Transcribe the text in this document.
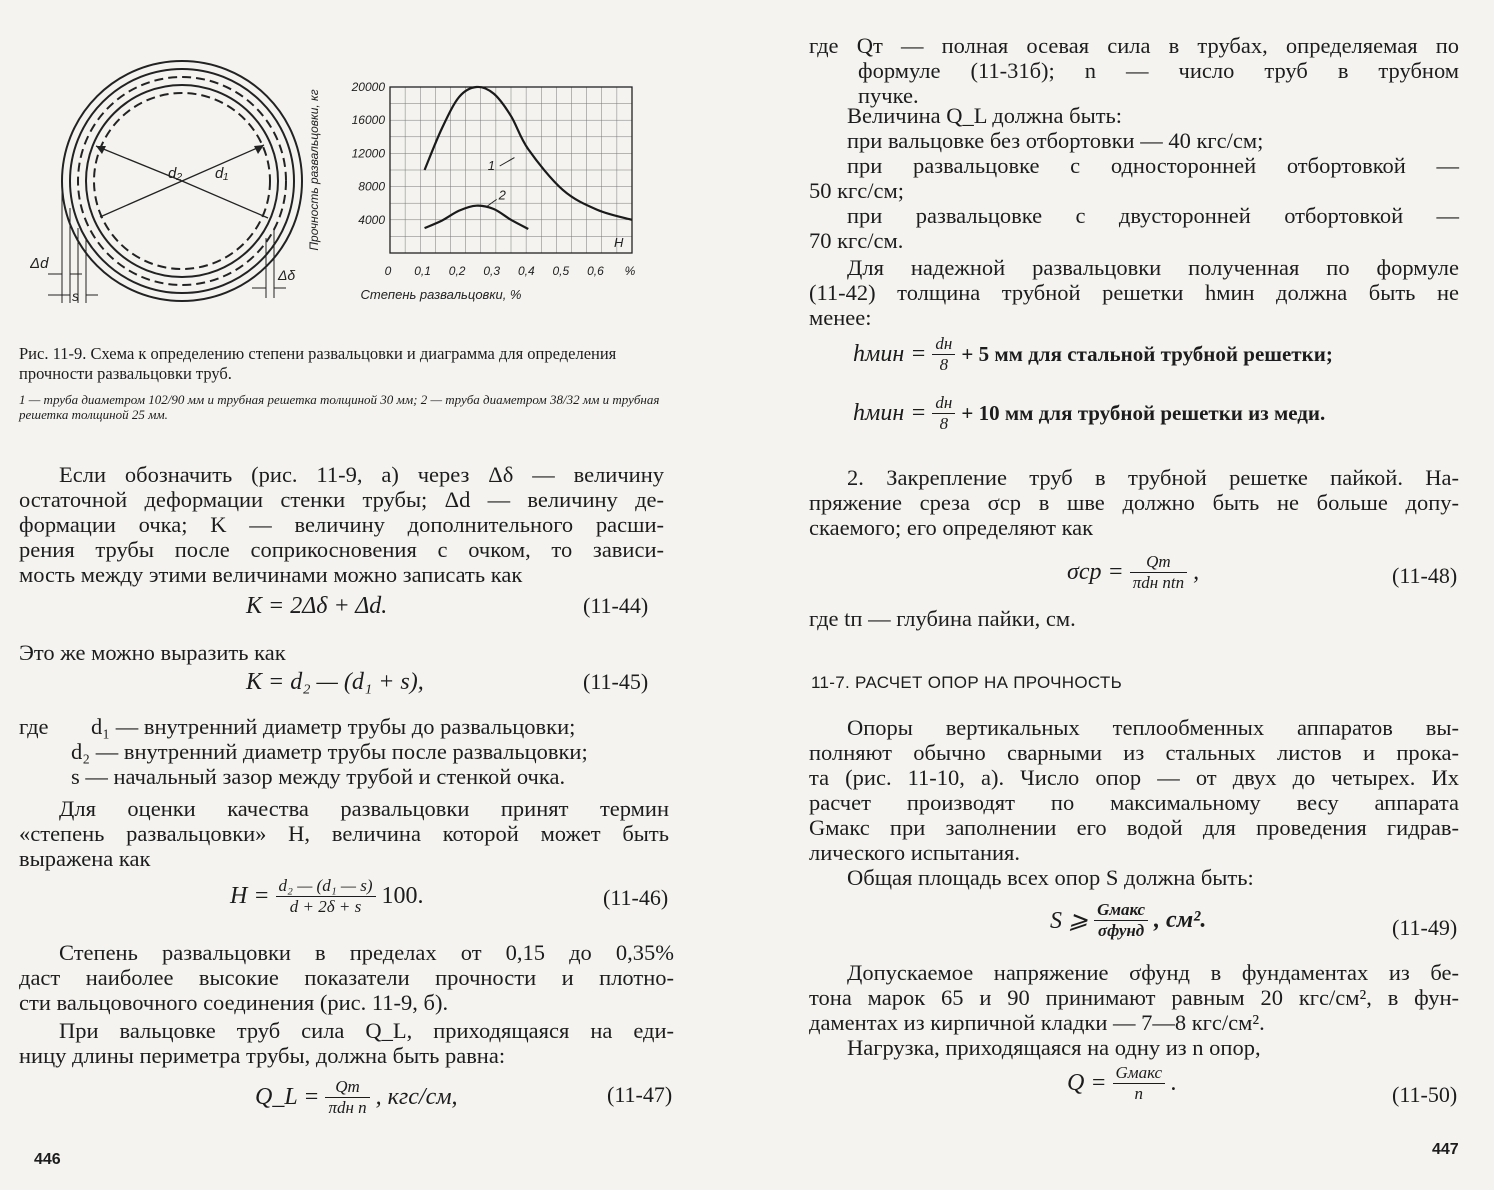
d₂ d₁
Δd
s
Δδ
20000
16000
12000
8000
4000
0 0,1 0,2 0,3 0,4 0,5 0,6 %
Степень развальцовки, %
Прочность развальцовки, кг	H
1
2
Рис. 11-9. Схема к определению степени развальцовки и диаграмма для определения прочности развальцовки труб.
1 — труба диаметром 102/90 мм и трубная решетка толщиной 30 мм; 2 — труба диаметром 38/32 мм и трубная решетка толщиной 25 мм.
Если обозначить (рис. 11-9, а) через Δδ — величину
остаточной деформации стенки трубы; Δd — величину де-
формации очка; K — величину дополнительного расши-
рения трубы после соприкосновения с очком, то зависи-
мость между этими величинами можно записать как
K = 2Δδ + Δd.	(11-44)
Это же можно выразить как
K = d₂ — (d₁ + s),	(11-45)
где	d₁ — внутренний диаметр трубы до развальцовки;
d₂ — внутренний диаметр трубы после развальцовки;
s — начальный зазор между трубой и стенкой очка.
Для оценки качества развальцовки принят термин
«степень развальцовки» H, величина которой может быть
выражена как
$H = \frac{\text{d₂ — (d₁ — s)}}{d + 2\delta + s} 100$.	(11-46)
Степень развальцовки в пределах от 0,15 до 0,35%
даст наиболее высокие показатели прочности и плотно-
сти вальцовочного соединения (рис. 11-9, б).
При вальцовке труб сила Q_L, приходящаяся на еди-
ницу длины периметра трубы, должна быть равна:
Q_L = $\frac{Qт}{\text{πdн n}}$ , кгс/см,	(11-47)
446
где Qт — полная осевая сила в трубах, определяемая по
формуле (11-31б); n — число труб в трубном
пучке.
Величина Q_L должна быть:
при вальцовке без отбортовки — 40 кгс/см;
при развальцовке с односторонней отбортовкой —
50 кгс/см;
при развальцовке с двусторонней отбортовкой —
70 кгс/см.
Для надежной развальцовки полученная по формуле
(11-42) толщина трубной решетки hмин должна быть не
менее:
hмин = $\frac{dн}{8} + 5$ мм для стальной трубной решетки;
hмин = $\frac{dн}{8} + 10$ мм для трубной решетки из меди.
2. Закрепление труб в трубной решетке пайкой. На-
пряжение среза σср в шве должно быть не больше допу-
скаемого; его определяют как
$\sigma ср = \frac{Qт}{\text{πdн ntп}}$ ,	(11-48)
где tп — глубина пайки, см.
11-7. РАСЧЕТ ОПОР НА ПРОЧНОСТЬ
Опоры вертикальных теплообменных аппаратов вы-
полняют обычно сварными из стальных листов и прока-
та (рис. 11-10, а). Число опор — от двух до четырех. Их
расчет производят по максимальному весу аппарата
Gмакс при заполнении его водой для проведения гидрав-
лического испытания.
Общая площадь всех опор S должна быть:
S ⩾ $\frac{\text{Gмакс}}{\text{σфунд}}$ , см².	(11-49)
Допускаемое напряжение σфунд в фундаментах из бе-
тона марок 65 и 90 принимают равным 20 кгс/см², в фун-
даментах из кирпичной кладки — 7—8 кгс/см².
Нагрузка, приходящаяся на одну из n опор,
$Q = \frac{\text{Gмакс}}{n}$ .	(11-50)
447
